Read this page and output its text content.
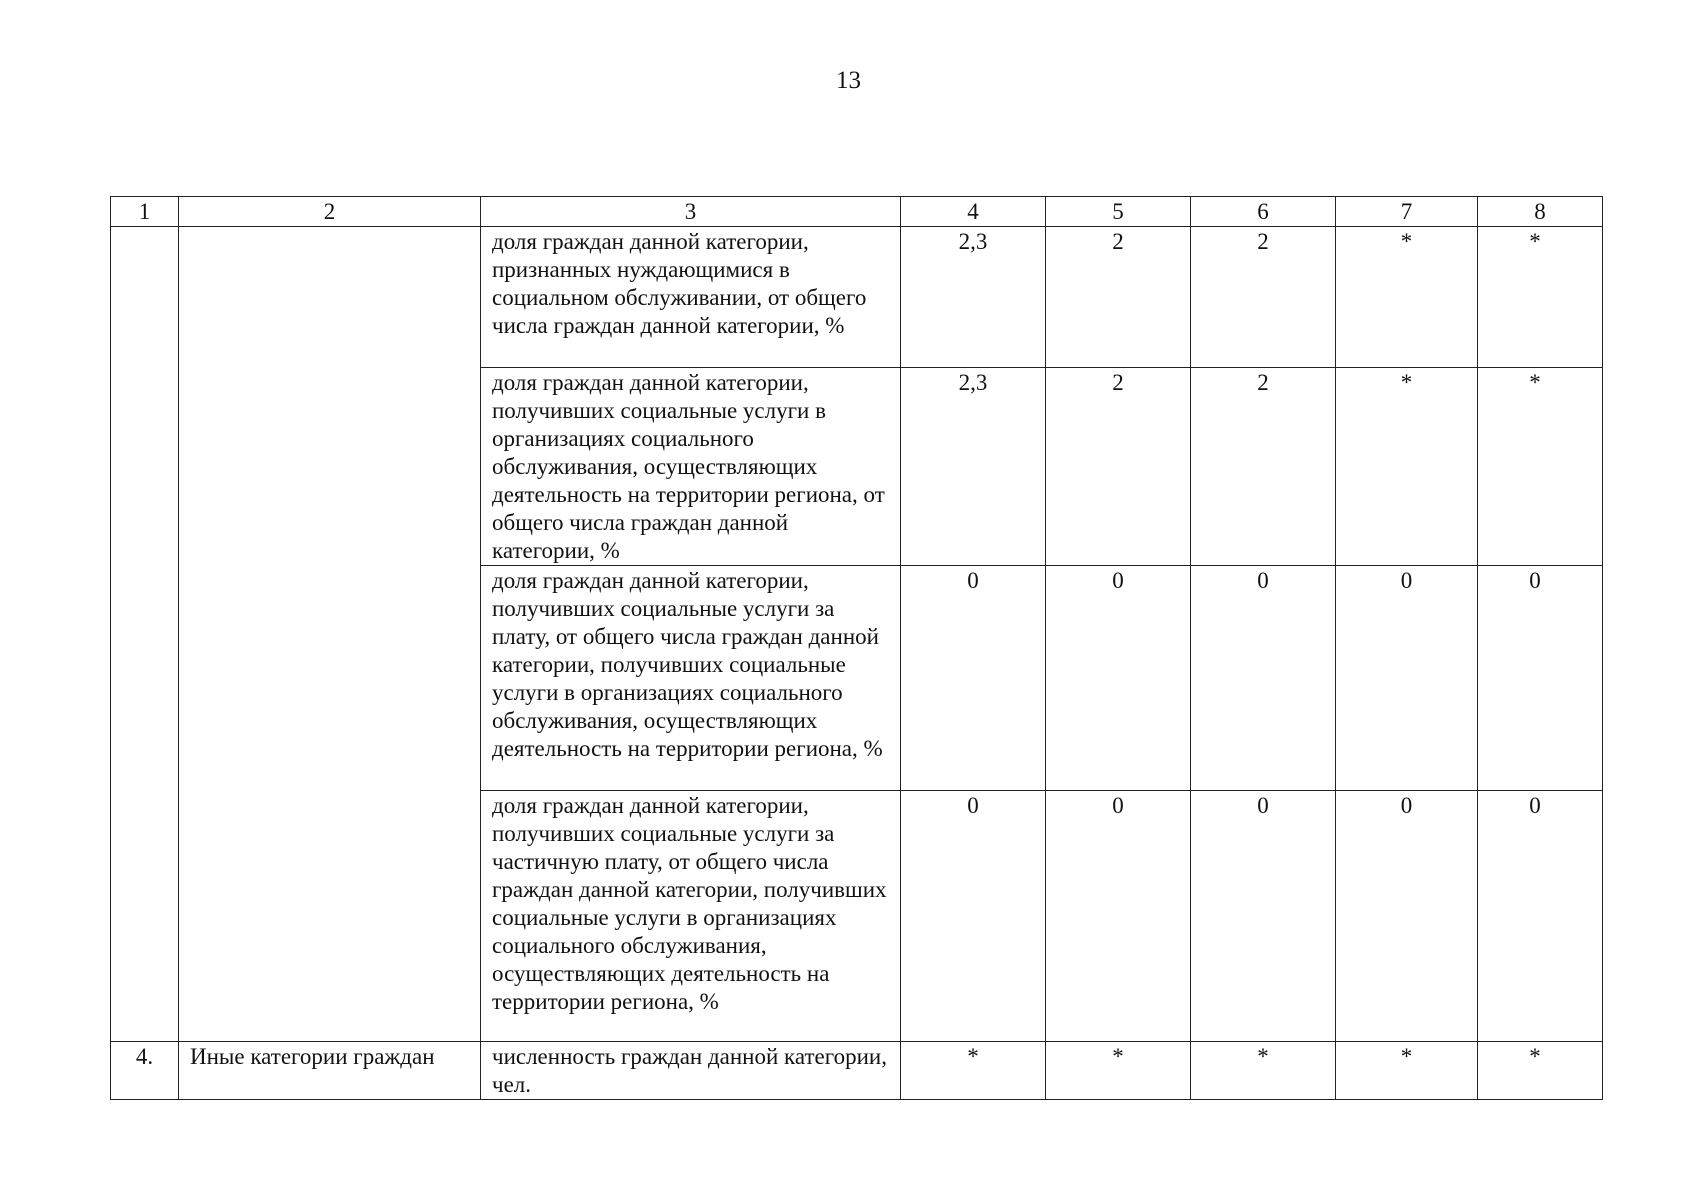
13
1	2	3	4	5	6	7	8
		доля граждан данной категории, признанных нуждающимися в социальном обслуживании, от общего числа граждан данной категории, %	2,3	2	2	*	*
		доля граждан данной категории, получивших социальные услуги в организациях социального обслуживания, осуществляющих деятельность на территории региона, от общего числа граждан данной категории, %	2,3	2	2	*	*
		доля граждан данной категории, получивших социальные услуги за плату, от общего числа граждан данной категории, получивших социальные услуги в организациях социального обслуживания, осуществляющих деятельность на территории региона, %	0	0	0	0	0
		доля граждан данной категории, получивших социальные услуги за частичную плату, от общего числа граждан данной категории, получивших социальные услуги в организациях социального обслуживания, осуществляющих деятельность на территории региона, %	0	0	0	0	0
4.	Иные категории граждан	численность граждан данной категории, чел.	*	*	*	*	*
